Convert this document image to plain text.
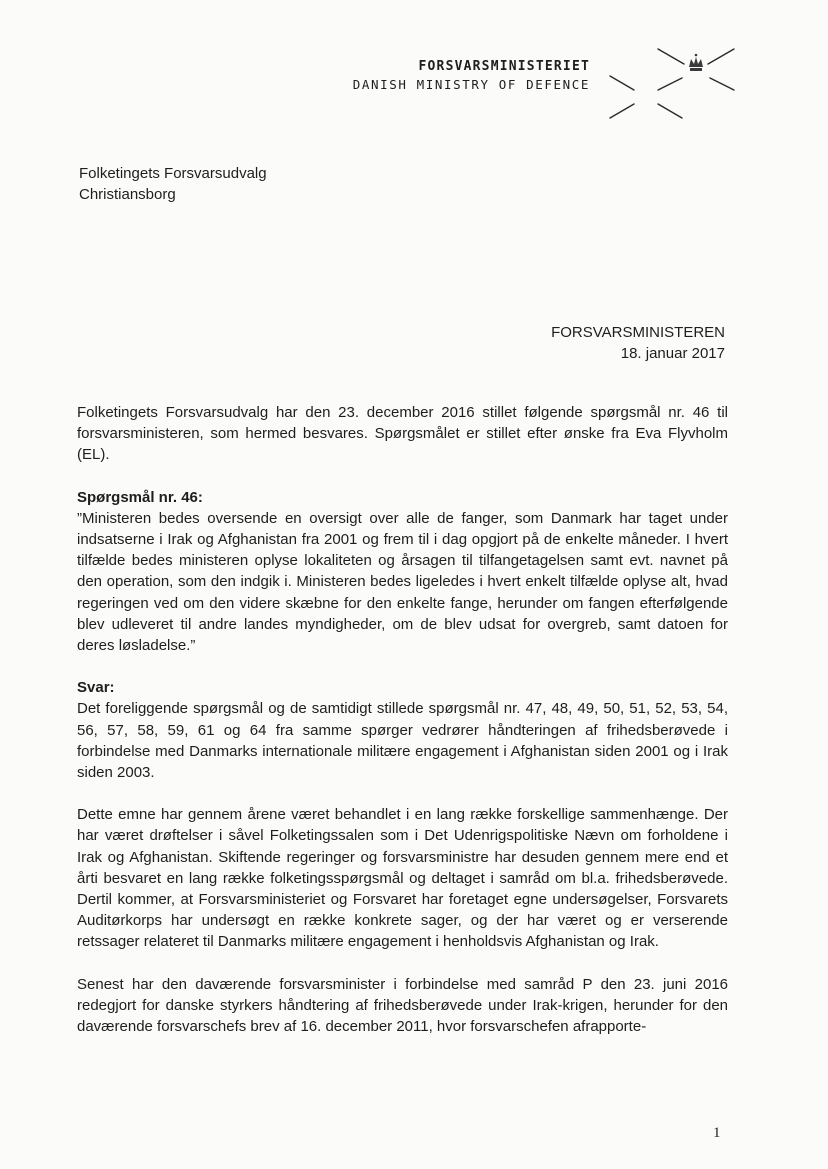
FORSVARSMINISTERIET
DANISH MINISTRY OF DEFENCE
Folketingets Forsvarsudvalg
Christiansborg
FORSVARSMINISTEREN
18. januar 2017

Folketingets Forsvarsudvalg har den 23. december 2016 stillet følgende spørgsmål nr. 46 til forsvarsministeren, som hermed besvares. Spørgsmålet er stillet efter ønske fra Eva Flyvholm (EL).

Spørgsmål nr. 46:

”Ministeren bedes oversende en oversigt over alle de fanger, som Danmark har taget under indsatserne i Irak og Afghanistan fra 2001 og frem til i dag opgjort på de enkelte måneder. I hvert tilfælde bedes ministeren oplyse lokaliteten og årsagen til tilfangetagelsen samt evt. navnet på den operation, som den indgik i. Ministeren bedes ligeledes i hvert enkelt tilfælde oplyse alt, hvad regeringen ved om den videre skæbne for den enkelte fange, herunder om fangen efterfølgende blev udleveret til andre landes myndigheder, om de blev udsat for overgreb, samt datoen for deres løsladelse.”

Svar:

Det foreliggende spørgsmål og de samtidigt stillede spørgsmål nr. 47, 48, 49, 50, 51, 52, 53, 54, 56, 57, 58, 59, 61 og 64 fra samme spørger vedrører håndteringen af frihedsberøvede i forbindelse med Danmarks internationale militære engagement i Afghanistan siden 2001 og i Irak siden 2003.

Dette emne har gennem årene været behandlet i en lang række forskellige sammenhænge. Der har været drøftelser i såvel Folketingssalen som i Det Udenrigspolitiske Nævn om forholdene i Irak og Afghanistan. Skiftende regeringer og forsvarsministre har desuden gennem mere end et årti besvaret en lang række folketingsspørgsmål og deltaget i samråd om bl.a. frihedsberøvede. Dertil kommer, at Forsvarsministeriet og Forsvaret har foretaget egne undersøgelser, Forsvarets Auditørkorps har undersøgt en række konkrete sager, og der har været og er verserende retssager relateret til Danmarks militære engagement i henholdsvis Afghanistan og Irak.

Senest har den daværende forsvarsminister i forbindelse med samråd P den 23. juni 2016 redegjort for danske styrkers håndtering af frihedsberøvede under Irak-krigen, herunder for den daværende forsvarschefs brev af 16. december 2011, hvor forsvarschefen afrapporte-

1
